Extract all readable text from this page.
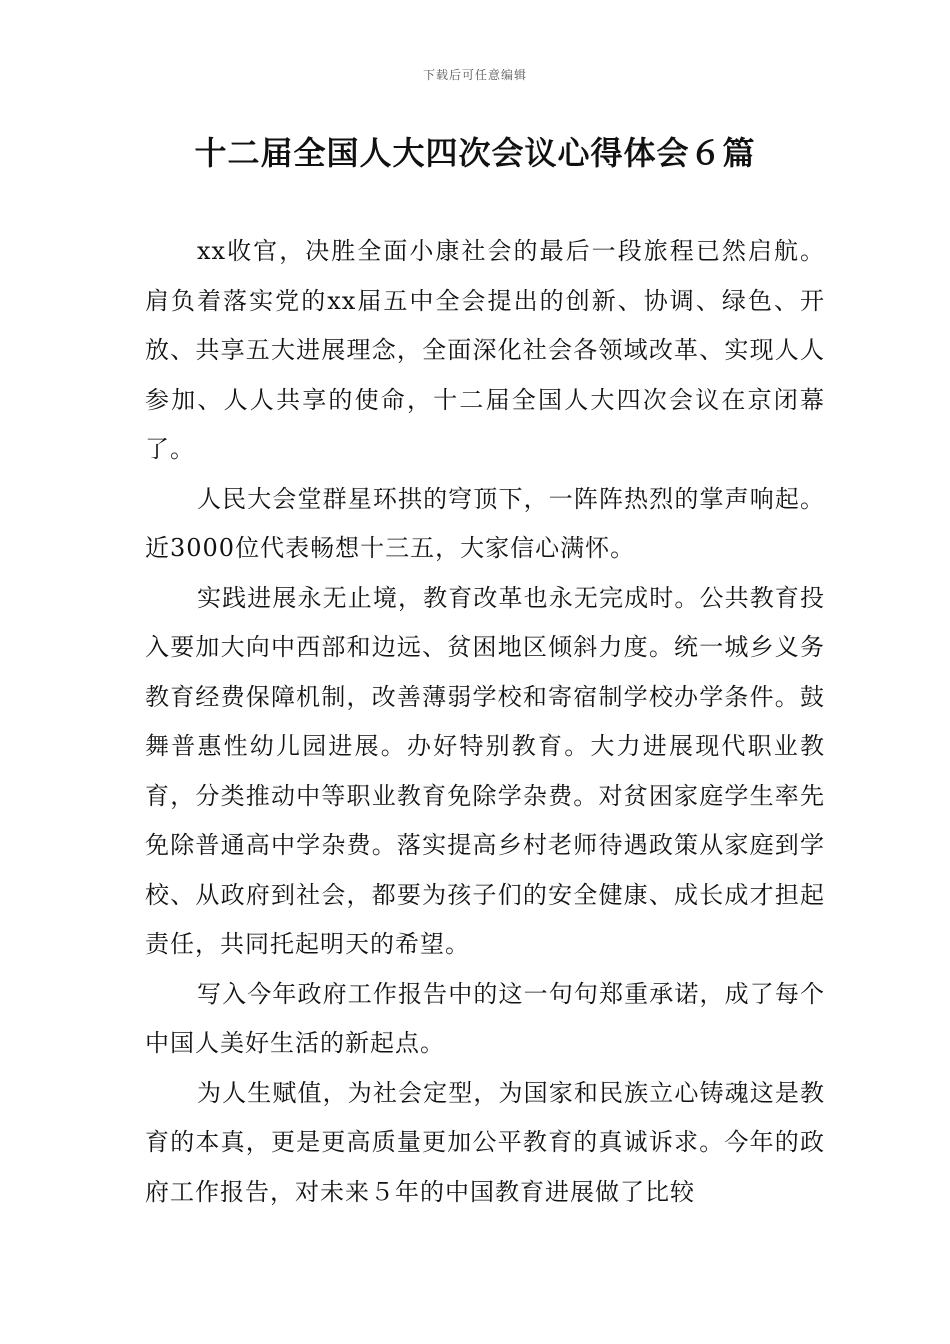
下载后可任意编辑
十二届全国人大四次会议心得体会６篇

xx收官，决胜全面小康社会的最后一段旅程已然启航。肩负着落实党的xx届五中全会提出的创新、协调、绿色、开放、共享五大进展理念，全面深化社会各领域改革、实现人人参加、人人共享的使命，十二届全国人大四次会议在京闭幕了。

人民大会堂群星环拱的穹顶下，一阵阵热烈的掌声响起。近3000位代表畅想十三五，大家信心满怀。

实践进展永无止境，教育改革也永无完成时。公共教育投入要加大向中西部和边远、贫困地区倾斜力度。统一城乡义务教育经费保障机制，改善薄弱学校和寄宿制学校办学条件。鼓舞普惠性幼儿园进展。办好特别教育。大力进展现代职业教育，分类推动中等职业教育免除学杂费。对贫困家庭学生率先免除普通高中学杂费。落实提高乡村老师待遇政策从家庭到学校、从政府到社会，都要为孩子们的安全健康、成长成才担起责任，共同托起明天的希望。

写入今年政府工作报告中的这一句句郑重承诺，成了每个中国人美好生活的新起点。

为人生赋值，为社会定型，为国家和民族立心铸魂这是教育的本真，更是更高质量更加公平教育的真诚诉求。今年的政府工作报告，对未来５年的中国教育进展做了比较
